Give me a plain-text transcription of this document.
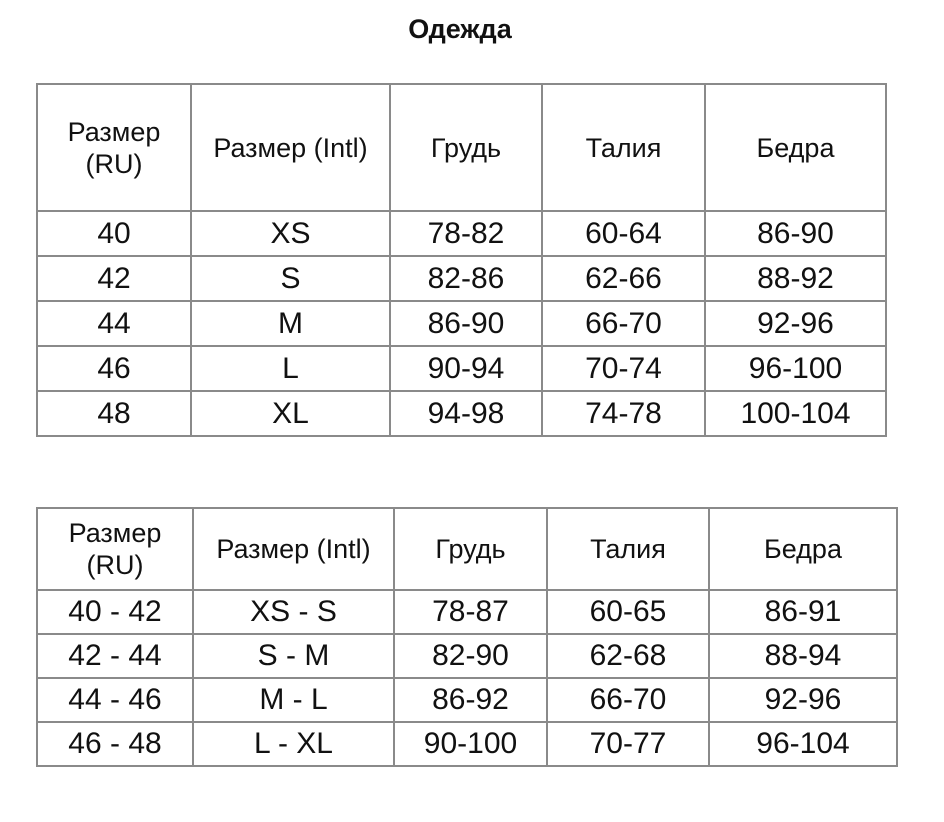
Одежда
Размер
(RU)	Размер (Intl)	Грудь	Талия	Бедра
40	XS	78-82	60-64	86-90
42	S	82-86	62-66	88-92
44	M	86-90	66-70	92-96
46	L	90-94	70-74	96-100
48	XL	94-98	74-78	100-104
Размер
(RU)	Размер (Intl)	Грудь	Талия	Бедра
40 - 42	XS - S	78-87	60-65	86-91
42 - 44	S - M	82-90	62-68	88-94
44 - 46	M - L	86-92	66-70	92-96
46 - 48	L - XL	90-100	70-77	96-104
